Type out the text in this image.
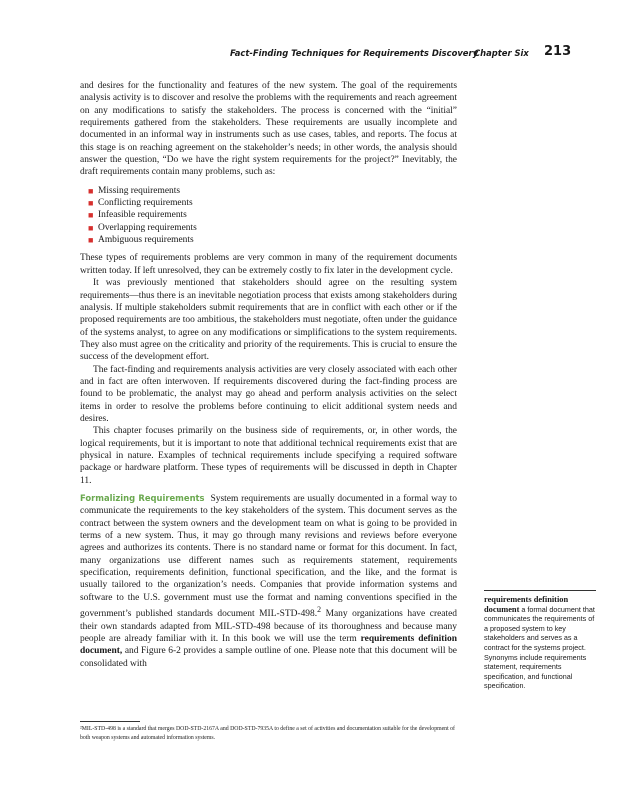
Fact-Finding Techniques for Requirements Discovery
Chapter Six 213

and desires for the functionality and features of the new system. The goal of the requirements analysis activity is to discover and resolve the problems with the requirements and reach agreement on any modifications to satisfy the stakeholders. The process is concerned with the “initial” requirements gathered from the stakeholders. These requirements are usually incomplete and documented in an informal way in instruments such as use cases, tables, and reports. The focus at this stage is on reaching agreement on the stakeholder’s needs; in other words, the analysis should answer the question, “Do we have the right system requirements for the project?” Inevitably, the draft requirements contain many problems, such as:

■ Missing requirements
■ Conflicting requirements
■ Infeasible requirements
■ Overlapping requirements
■ Ambiguous requirements

These types of requirements problems are very common in many of the requirement documents written today. If left unresolved, they can be extremely costly to fix later in the development cycle.

It was previously mentioned that stakeholders should agree on the resulting system requirements—thus there is an inevitable negotiation process that exists among stakeholders during analysis. If multiple stakeholders submit requirements that are in conflict with each other or if the proposed requirements are too ambitious, the stakeholders must negotiate, often under the guidance of the systems analyst, to agree on any modifications or simplifications to the system requirements. They also must agree on the criticality and priority of the requirements. This is crucial to ensure the success of the development effort.

The fact-finding and requirements analysis activities are very closely associated with each other and in fact are often interwoven. If requirements discovered during the fact-finding process are found to be problematic, the analyst may go ahead and perform analysis activities on the select items in order to resolve the problems before continuing to elicit additional system needs and desires.

This chapter focuses primarily on the business side of requirements, or, in other words, the logical requirements, but it is important to note that additional technical requirements exist that are physical in nature. Examples of technical requirements include specifying a required software package or hardware platform. These types of requirements will be discussed in depth in Chapter 11.

Formalizing Requirements System requirements are usually documented in a formal way to communicate the requirements to the key stakeholders of the system. This document serves as the contract between the system owners and the development team on what is going to be provided in terms of a new system. Thus, it may go through many revisions and reviews before everyone agrees and authorizes its contents. There is no standard name or format for this document. In fact, many organizations use different names such as requirements statement, requirements specification, requirements definition, functional specification, and the like, and the format is usually tailored to the organization’s needs. Companies that provide information systems and software to the U.S. government must use the format and naming conventions specified in the government’s published standards document MIL-STD-498.$^2$ Many organizations have created their own standards adapted from MIL-STD-498 because of its thoroughness and because many people are already familiar with it. In this book we will use the term requirements definition document, and Figure 6-2 provides a sample outline of one. Please note that this document will be consolidated with

requirements definition document a formal document that communicates the requirements of a proposed system to key stakeholders and serves as a contract for the systems project. Synonyms include requirements statement, requirements specification, and functional specification.
²MIL-STD-498 is a standard that merges DOD-STD-2167A and DOD-STD-7935A to define a set of activities and documentation suitable for the development of both weapon systems and automated information systems.
